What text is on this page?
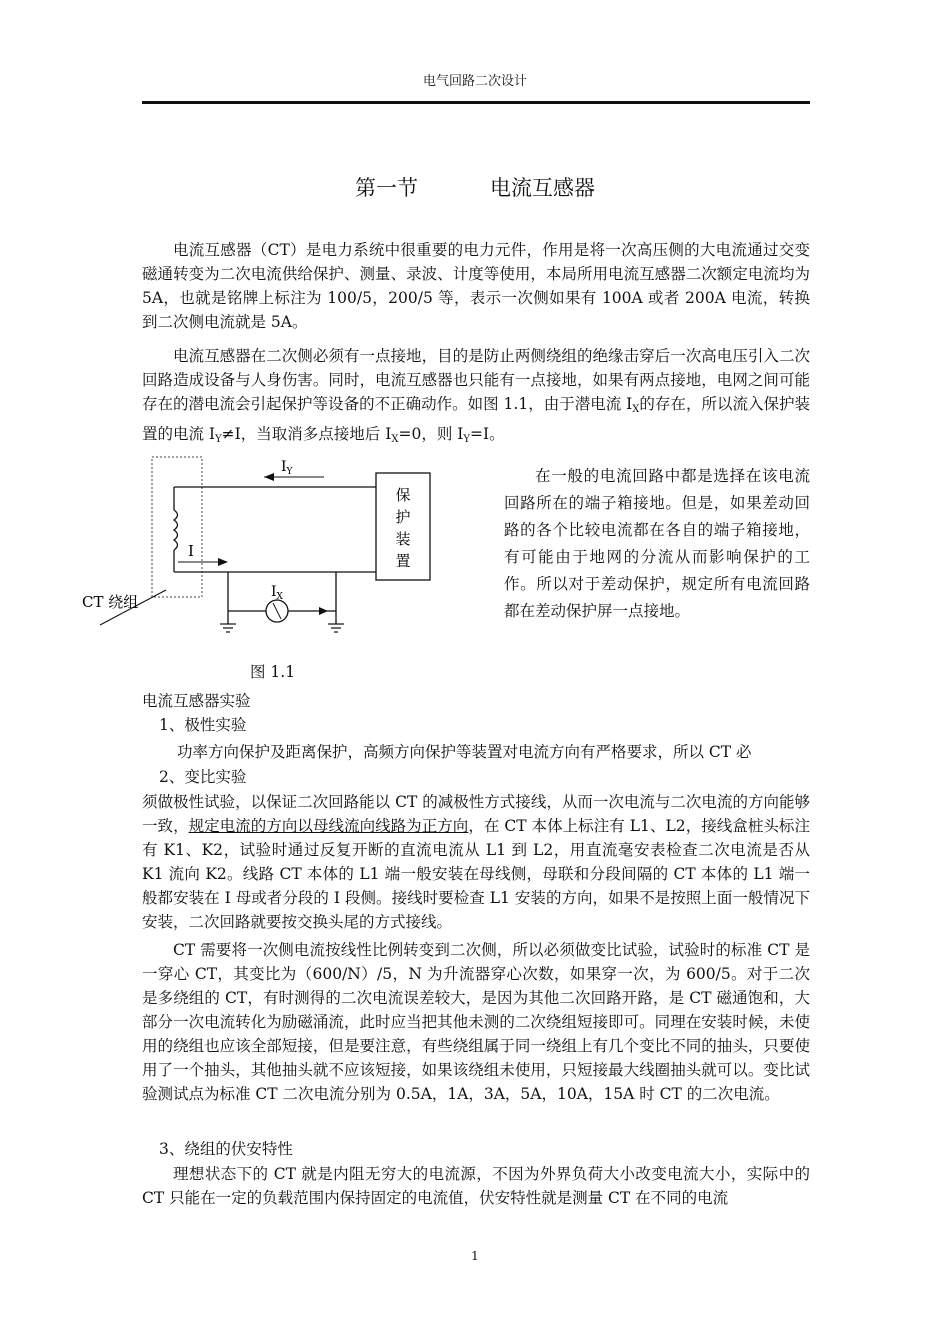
电气回路二次设计
第一节	电流互感器

电流互感器（CT）是电力系统中很重要的电力元件，作用是将一次高压侧的大电流通过交变磁通转变为二次电流供给保护、测量、录波、计度等使用，本局所用电流互感器二次额定电流均为 5A，也就是铭牌上标注为 100/5，200/5 等，表示一次侧如果有 100A 或者 200A 电流，转换到二次侧电流就是 5A。

电流互感器在二次侧必须有一点接地，目的是防止两侧绕组的绝缘击穿后一次高电压引入二次回路造成设备与人身伤害。同时，电流互感器也只能有一点接地，如果有两点接地，电网之间可能存在的潜电流会引起保护等设备的不正确动作。如图 1.1，由于潜电流 $I_X$的存在，所以流入保护装置的电流 $I_Y\ne I$，当取消多点接地后 $I_X=0$，则 $I_Y=I$。

保
护
装
置
$I_Y$
I
$I_X$
CT 绕组

在一般的电流回路中都是选择在该电流回路所在的端子箱接地。但是，如果差动回路的各个比较电流都在各自的端子箱接地，有可能由于地网的分流从而影响保护的工作。所以对于差动保护，规定所有电流回路都在差动保护屏一点接地。

图 1.1
电流互感器实验
1、极性实验
功率方向保护及距离保护，高频方向保护等装置对电流方向有严格要求，所以 CT 必
2、变比实验

须做极性试验，以保证二次回路能以 CT 的减极性方式接线，从而一次电流与二次电流的方向能够一致，规定电流的方向以母线流向线路为正方向，在 CT 本体上标注有 L1、L2，接线盒桩头标注有 K1、K2，试验时通过反复开断的直流电流从 L1 到 L2，用直流毫安表检查二次电流是否从 K1 流向 K2。线路 CT 本体的 L1 端一般安装在母线侧，母联和分段间隔的 CT 本体的 L1 端一般都安装在 I 母或者分段的 I 段侧。接线时要检查 L1 安装的方向，如果不是按照上面一般情况下安装，二次回路就要按交换头尾的方式接线。

CT 需要将一次侧电流按线性比例转变到二次侧，所以必须做变比试验，试验时的标准 CT 是一穿心 CT，其变比为（600/N）/5，N 为升流器穿心次数，如果穿一次，为 600/5。对于二次是多绕组的 CT，有时测得的二次电流误差较大，是因为其他二次回路开路，是 CT 磁通饱和，大部分一次电流转化为励磁涌流，此时应当把其他未测的二次绕组短接即可。同理在安装时候，未使用的绕组也应该全部短接，但是要注意，有些绕组属于同一绕组上有几个变比不同的抽头，只要使用了一个抽头，其他抽头就不应该短接，如果该绕组未使用，只短接最大线圈抽头就可以。变比试验测试点为标准 CT 二次电流分别为 0.5A，1A，3A，5A，10A，15A 时 CT 的二次电流。

3、绕组的伏安特性

理想状态下的 CT 就是内阻无穷大的电流源，不因为外界负荷大小改变电流大小，实际中的 CT 只能在一定的负载范围内保持固定的电流值，伏安特性就是测量 CT 在不同的电流

1
